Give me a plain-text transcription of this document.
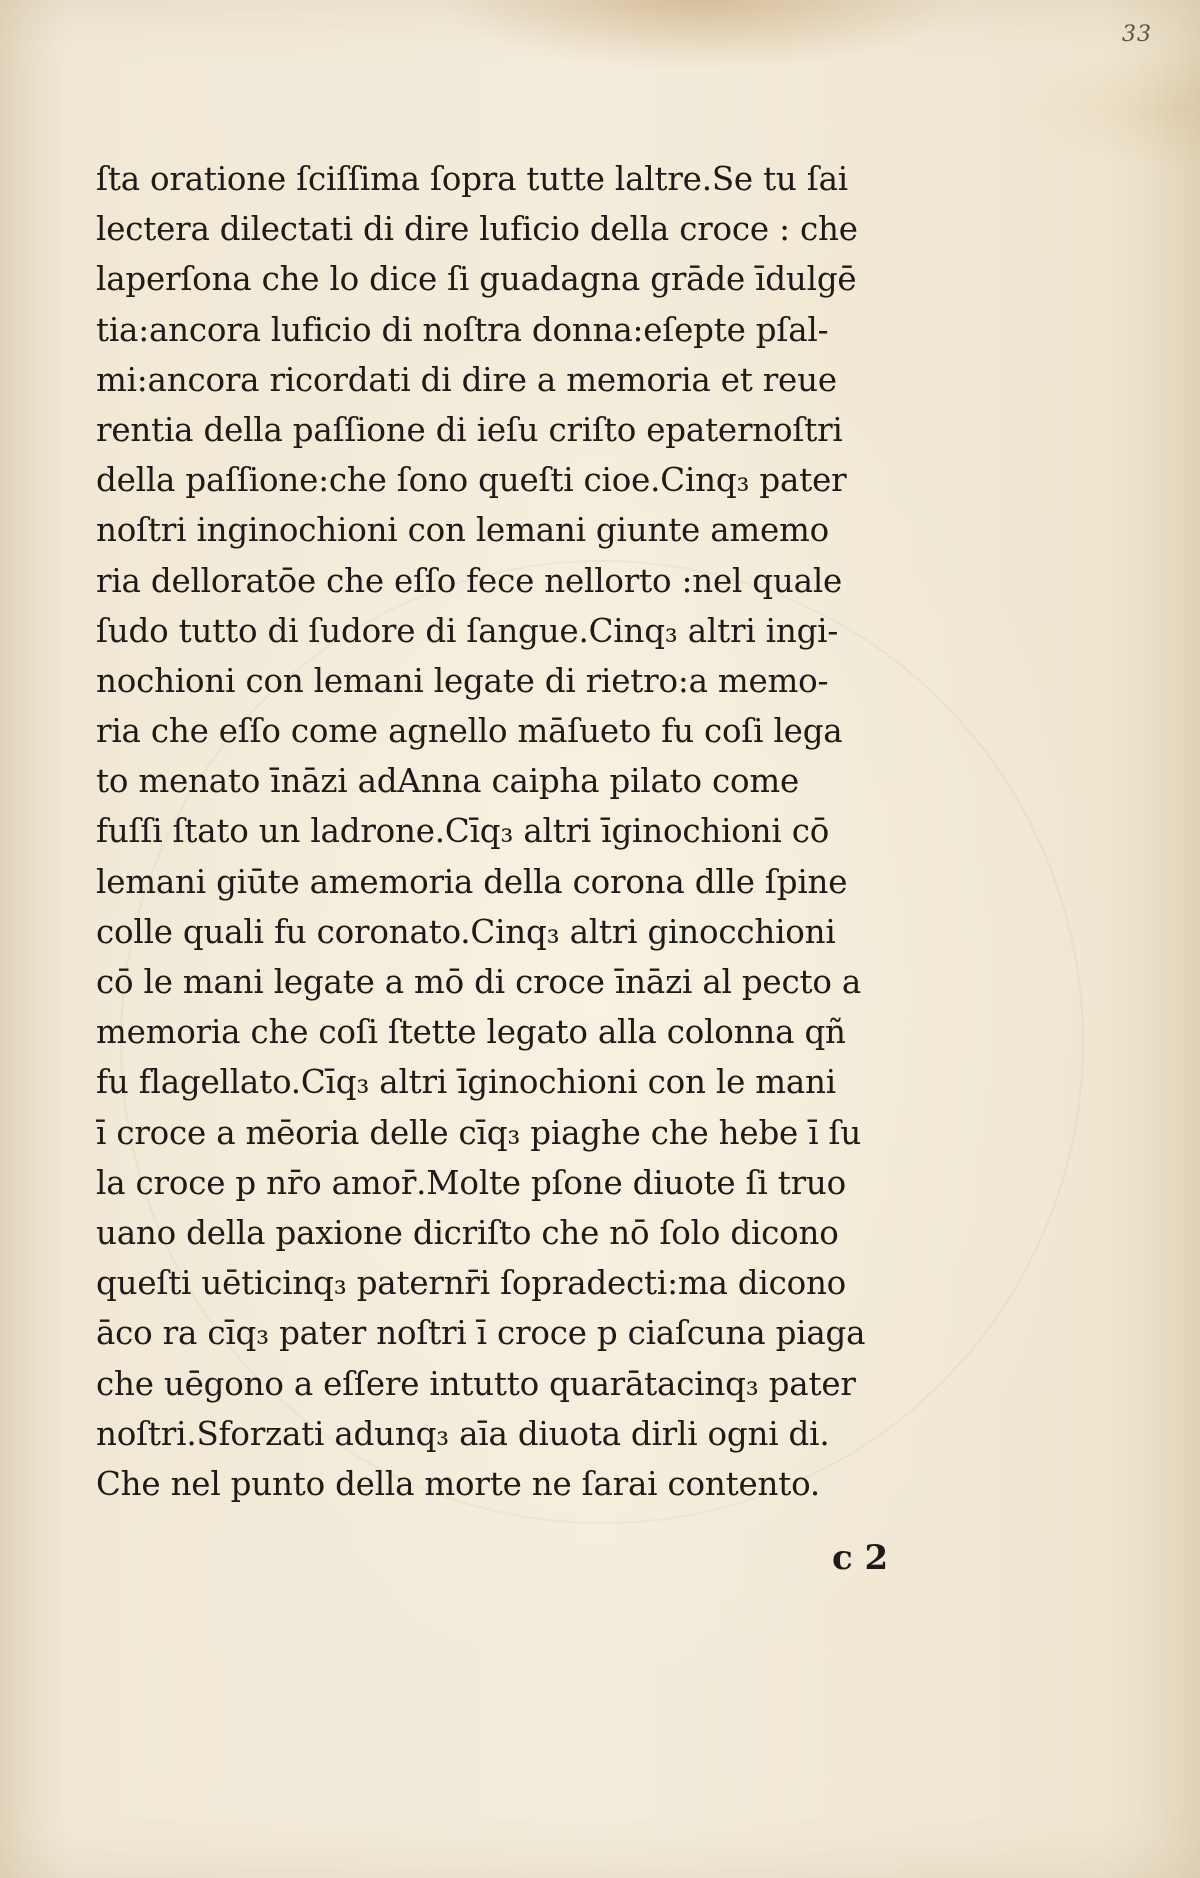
33
ſta oratione ſciſſima ſopra tutte laltre.Se tu ſai
lectera dilectati di dire luficio della croce : che
laperſona che lo dice ſi guadagna grāde īdulgē
tia:ancora luficio di noſtra donna:eſepte pſal-
mi:ancora ricordati di dire a memoria et reue
rentia della paſſione di ieſu criſto epaternoſtri
della paſſione:che ſono queſti cioe.Cinq₃ pater
noſtri inginochioni con lemani giunte amemo
ria delloratōe che eſſo fece nellorto :nel quale
ſudo tutto di ſudore di ſangue.Cinq₃ altri ingi-
nochioni con lemani legate di rietro:a memo-
ria che eſſo come agnello māſueto fu coſi lega
to menato īnāzi adAnna caipha pilato come
fuſſi ſtato un ladrone.Cīq₃ altri īginochioni cō
lemani giūte amemoria della corona dlle ſpine
colle quali fu coronato.Cinq₃ altri ginocchioni
cō le mani legate a mō di croce īnāzi al pecto a
memoria che coſi ſtette legato alla colonna qñ
fu flagellato.Cīq₃ altri īginochioni con le mani
ī croce a mēoria delle cīq₃ piaghe che hebe ī ſu
la croce p nr̄o amor̄.Molte pſone diuote ſi truo
uano della paxione dicriſto che nō ſolo dicono
queſti uēticinq₃ paternr̄i ſopradecti:ma dicono
āco ra cīq₃ pater noſtri ī croce p ciaſcuna piaga
che uēgono a eſſere intutto quarātacinq₃ pater
noſtri.Sforzati adunq₃ aīa diuota dirli ogni di.
Che nel punto della morte ne ſarai contento.
c 2
